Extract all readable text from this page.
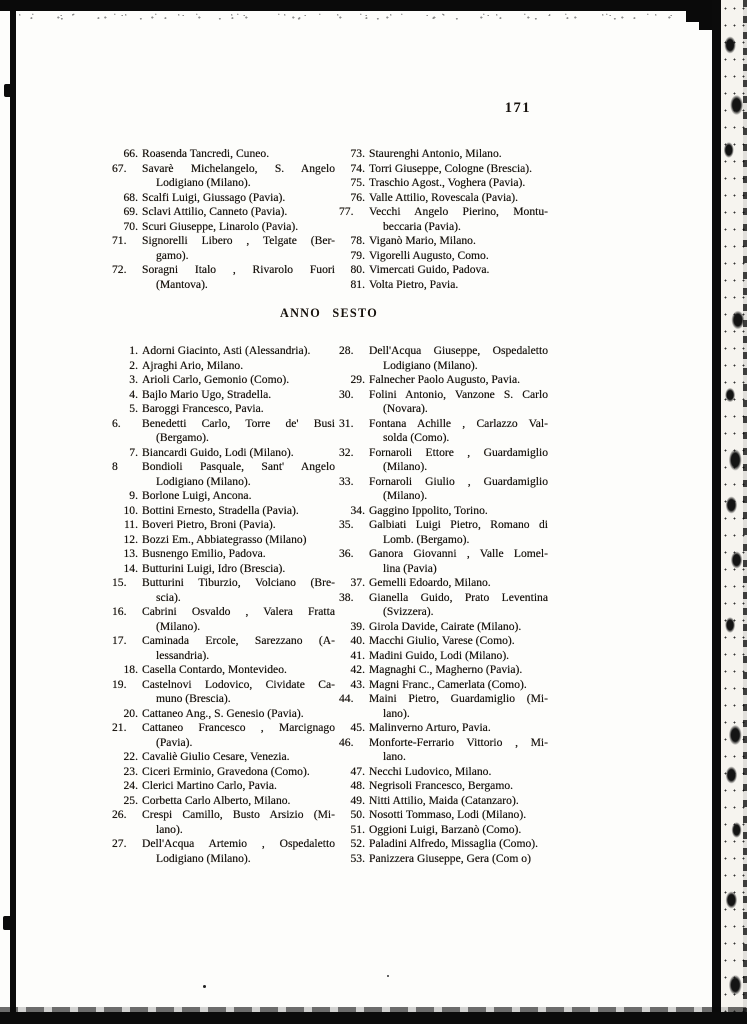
171
66. Roasenda Tancredi, Cuneo.
67. Savarè Michelangelo, S. Angelo
Lodigiano (Milano).
68. Scalfi Luigi, Giussago (Pavia).
69. Sclavi Attilio, Canneto (Pavia).
70. Scuri Giuseppe, Linarolo (Pavia).
71. Signorelli Libero , Telgate (Ber-
gamo).
72. Soragni Italo , Rivarolo Fuori
(Mantova).
73. Staurenghi Antonio, Milano.
74. Torri Giuseppe, Cologne (Brescia).
75. Traschio Agost., Voghera (Pavia).
76. Valle Attilio, Rovescala (Pavia).
77. Vecchi Angelo Pierino, Montu-
beccaria (Pavia).
78. Viganò Mario, Milano.
79. Vigorelli Augusto, Como.
80. Vimercati Guido, Padova.
81. Volta Pietro, Pavia.
ANNO SESTO
1. Adorni Giacinto, Asti (Alessandria).
2. Ajraghi Ario, Milano.
3. Arioli Carlo, Gemonio (Como).
4. Bajlo Mario Ugo, Stradella.
5. Baroggi Francesco, Pavia.
6. Benedetti Carlo, Torre de' Busi
(Bergamo).
7. Biancardi Guido, Lodi (Milano).
8 Bondioli Pasquale, Sant' Angelo
Lodigiano (Milano).
9. Borlone Luigi, Ancona.
10. Bottini Ernesto, Stradella (Pavia).
11. Boveri Pietro, Broni (Pavia).
12. Bozzi Em., Abbiategrasso (Milano)
13. Busnengo Emilio, Padova.
14. Butturini Luigi, Idro (Brescia).
15. Butturini Tiburzio, Volciano (Bre-
scia).
16. Cabrini Osvaldo , Valera Fratta
(Milano).
17. Caminada Ercole, Sarezzano (A-
lessandria).
18. Casella Contardo, Montevideo.
19. Castelnovi Lodovico, Cividate Ca-
muno (Brescia).
20. Cattaneo Ang., S. Genesio (Pavia).
21. Cattaneo Francesco , Marcignago
(Pavia).
22. Cavaliè Giulio Cesare, Venezia.
23. Ciceri Erminio, Gravedona (Como).
24. Clerici Martino Carlo, Pavia.
25. Corbetta Carlo Alberto, Milano.
26. Crespi Camillo, Busto Arsizio (Mi-
lano).
27. Dell'Acqua Artemio , Ospedaletto
Lodigiano (Milano).
28. Dell'Acqua Giuseppe, Ospedaletto
Lodigiano (Milano).
29. Falnecher Paolo Augusto, Pavia.
30. Folini Antonio, Vanzone S. Carlo
(Novara).
31. Fontana Achille , Carlazzo Val-
solda (Como).
32. Fornaroli Ettore , Guardamiglio
(Milano).
33. Fornaroli Giulio , Guardamiglio
(Milano).
34. Gaggino Ippolito, Torino.
35. Galbiati Luigi Pietro, Romano di
Lomb. (Bergamo).
36. Ganora Giovanni , Valle Lomel-
lina (Pavia)
37. Gemelli Edoardo, Milano.
38. Gianella Guido, Prato Leventina
(Svizzera).
39. Girola Davide, Cairate (Milano).
40. Macchi Giulio, Varese (Como).
41. Madini Guido, Lodi (Milano).
42. Magnaghi C., Magherno (Pavia).
43. Magni Franc., Camerlata (Como).
44. Maini Pietro, Guardamiglio (Mi-
lano).
45. Malinverno Arturo, Pavia.
46. Monforte-Ferrario Vittorio , Mi-
lano.
47. Necchi Ludovico, Milano.
48. Negrisoli Francesco, Bergamo.
49. Nitti Attilio, Maida (Catanzaro).
50. Nosotti Tommaso, Lodi (Milano).
51. Oggioni Luigi, Barzanò (Como).
52. Paladini Alfredo, Missaglia (Como).
53. Panizzera Giuseppe, Gera (Com o)
